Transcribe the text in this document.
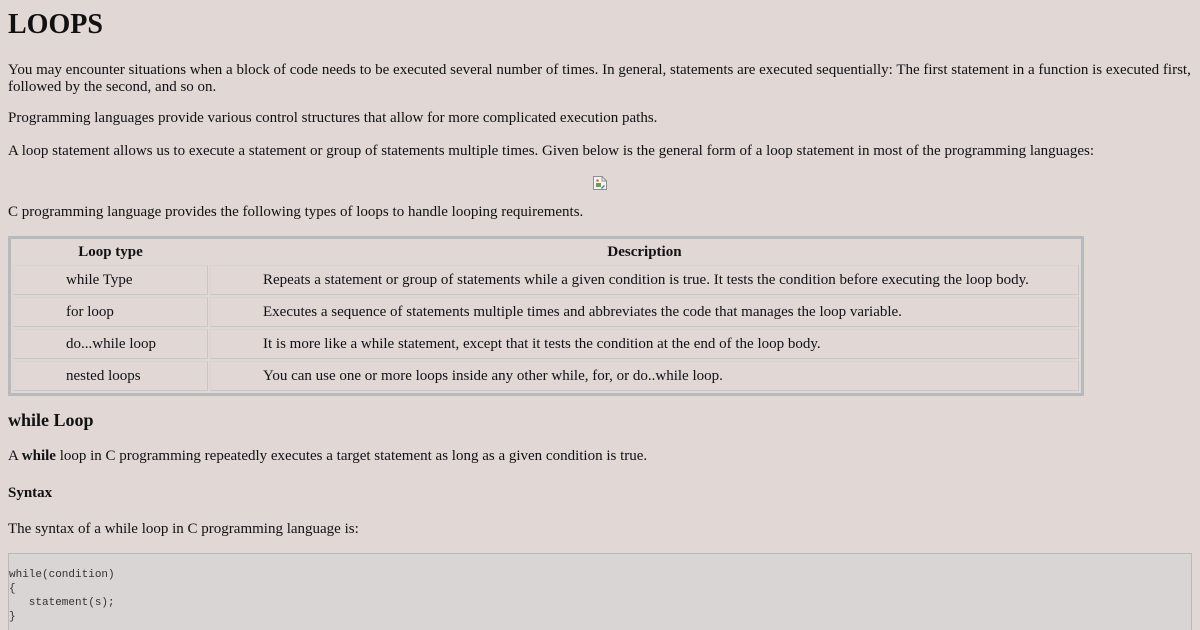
LOOPS

You may encounter situations when a block of code needs to be executed several number of times. In general, statements are executed sequentially: The first statement in a function is executed first, followed by the second, and so on.

Programming languages provide various control structures that allow for more complicated execution paths.

A loop statement allows us to execute a statement or group of statements multiple times. Given below is the general form of a loop statement in most of the programming languages:

C programming language provides the following types of loops to handle looping requirements.

Loop type	Description
while Type	Repeats a statement or group of statements while a given condition is true. It tests the condition before executing the loop body.
for loop	Executes a sequence of statements multiple times and abbreviates the code that manages the loop variable.
do...while loop	It is more like a while statement, except that it tests the condition at the end of the loop body.
nested loops	You can use one or more loops inside any other while, for, or do..while loop.
while Loop

A while loop in C programming repeatedly executes a target statement as long as a given condition is true.

Syntax

The syntax of a while loop in C programming language is:

while(condition)
{
statement(s);
}
